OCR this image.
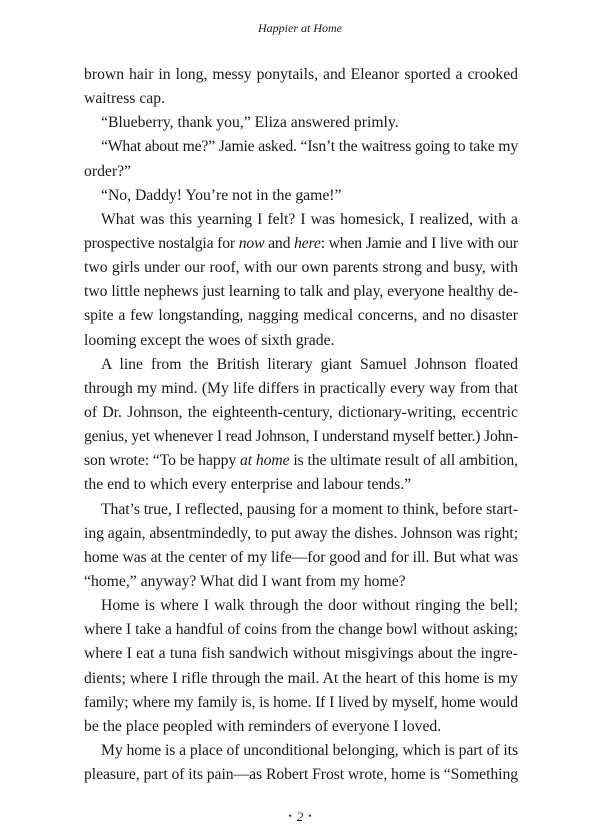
Happier at Home
brown hair in long, messy ponytails, and Eleanor sported a crooked
waitress cap.
“Blueberry, thank you,” Eliza answered primly.
“What about me?” Jamie asked. “Isn’t the waitress going to take my
order?”
“No, Daddy! You’re not in the game!”
What was this yearning I felt? I was homesick, I realized, with a
prospective nostalgia for now and here: when Jamie and I live with our
two girls under our roof, with our own parents strong and busy, with
two little nephews just learning to talk and play, everyone healthy de-
spite a few longstanding, nagging medical concerns, and no disaster
looming except the woes of sixth grade.
A line from the British literary giant Samuel Johnson floated
through my mind. (My life differs in practically every way from that
of Dr. Johnson, the eighteenth-century, dictionary-writing, eccentric
genius, yet whenever I read Johnson, I understand myself better.) John-
son wrote: “To be happy at home is the ultimate result of all ambition,
the end to which every enterprise and labour tends.”
That’s true, I reflected, pausing for a moment to think, before start-
ing again, absentmindedly, to put away the dishes. Johnson was right;
home was at the center of my life—for good and for ill. But what was
“home,” anyway? What did I want from my home?
Home is where I walk through the door without ringing the bell;
where I take a handful of coins from the change bowl without asking;
where I eat a tuna fish sandwich without misgivings about the ingre-
dients; where I rifle through the mail. At the heart of this home is my
family; where my family is, is home. If I lived by myself, home would
be the place peopled with reminders of everyone I loved.
My home is a place of unconditional belonging, which is part of its
pleasure, part of its pain—as Robert Frost wrote, home is “Something
• 2 •
